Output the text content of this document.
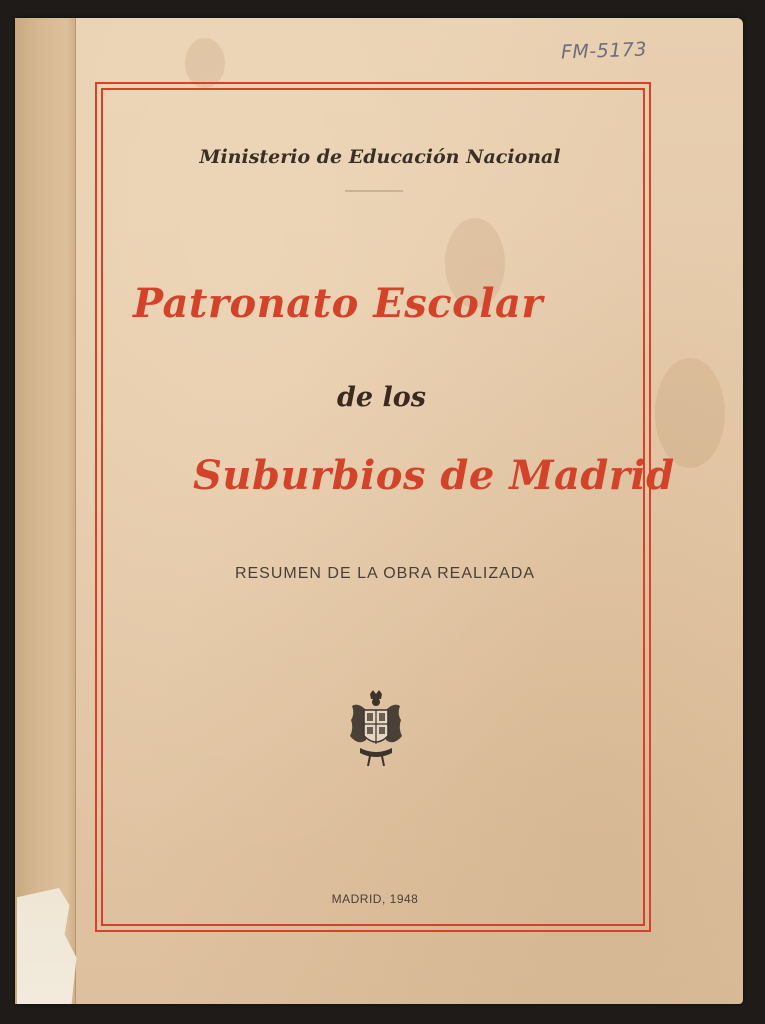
FM-5173
Ministerio de Educación Nacional
Patronato Escolar
de los
Suburbios de Madrid
RESUMEN DE LA OBRA REALIZADA
MADRID, 1948
